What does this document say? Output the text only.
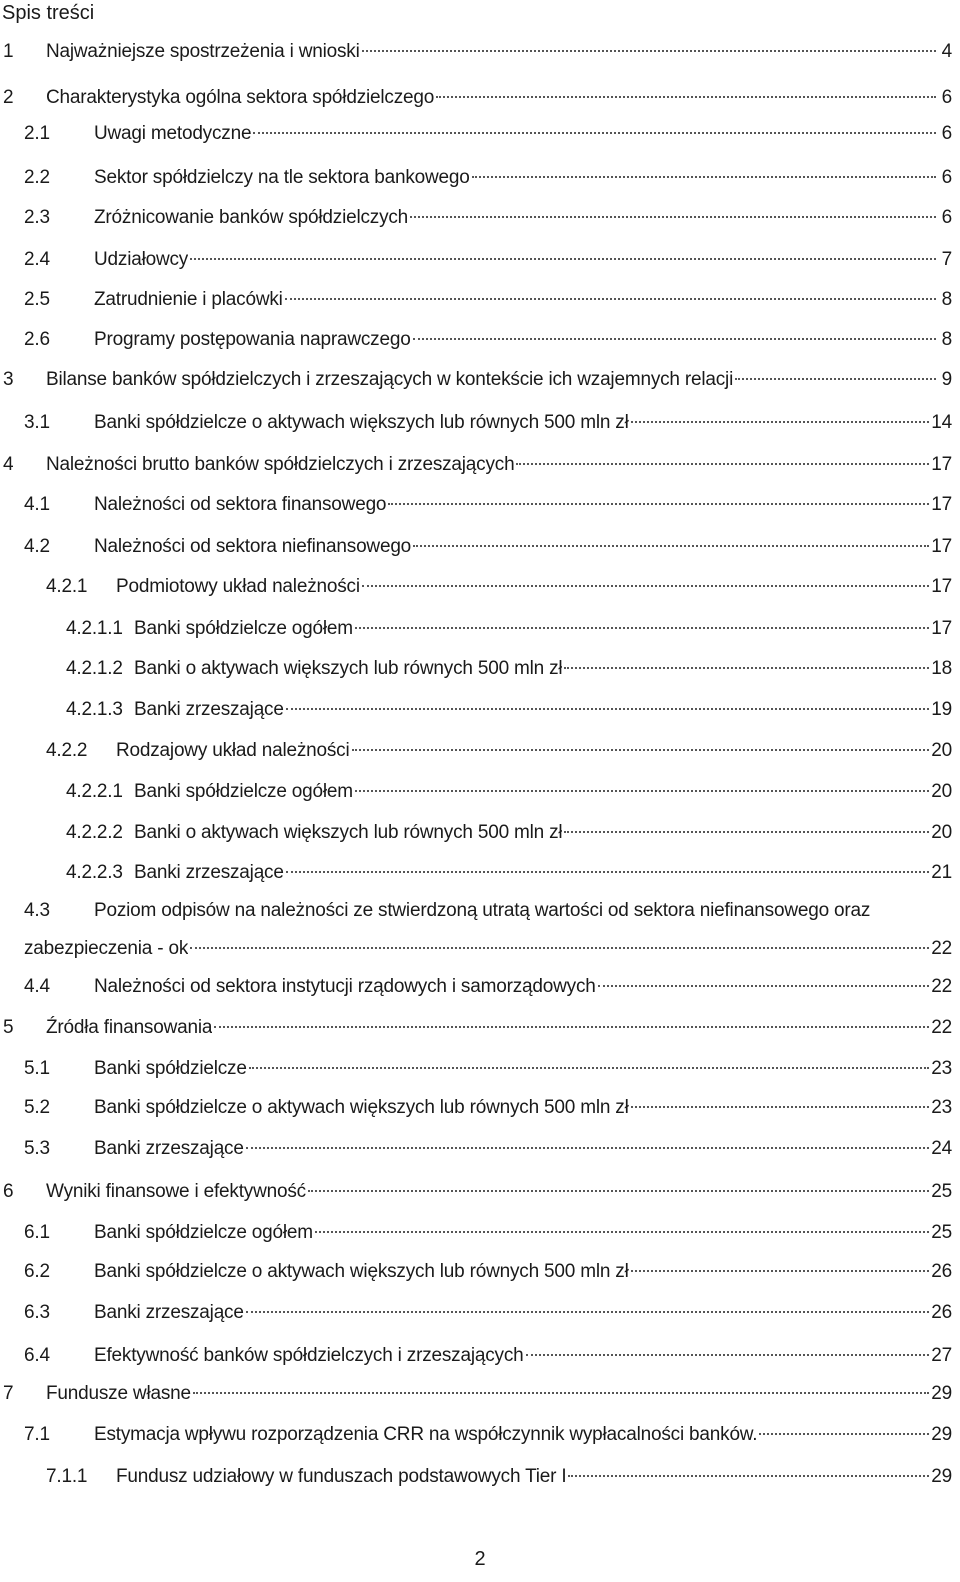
Spis treści
1	Najważniejsze spostrzeżenia i wnioski	4
2	Charakterystyka ogólna sektora spółdzielczego	6
2.1	Uwagi metodyczne	6
2.2	Sektor spółdzielczy na tle sektora bankowego	6
2.3	Zróżnicowanie banków spółdzielczych	6
2.4	Udziałowcy	7
2.5	Zatrudnienie i placówki	8
2.6	Programy postępowania naprawczego	8
3	Bilanse banków spółdzielczych i zrzeszających w kontekście ich wzajemnych relacji	9
3.1	Banki spółdzielcze o aktywach większych lub równych 500 mln zł	14
4	Należności brutto banków spółdzielczych i zrzeszających	17
4.1	Należności od sektora finansowego	17
4.2	Należności od sektora niefinansowego	17
4.2.1	Podmiotowy układ należności	17
4.2.1.1 Banki spółdzielcze ogółem	17
4.2.1.2 Banki o aktywach większych lub równych 500 mln zł	18
4.2.1.3 Banki zrzeszające	19
4.2.2	Rodzajowy układ należności	20
4.2.2.1 Banki spółdzielcze ogółem	20
4.2.2.2 Banki o aktywach większych lub równych 500 mln zł	20
4.2.2.3 Banki zrzeszające	21
4.3	Poziom odpisów na należności ze stwierdzoną utratą wartości od sektora niefinansowego oraz
zabezpieczenia - ok	22
4.4	Należności od sektora instytucji rządowych i samorządowych	22
5	Źródła finansowania	22
5.1	Banki spółdzielcze	23
5.2	Banki spółdzielcze o aktywach większych lub równych 500 mln zł	23
5.3	Banki zrzeszające	24
6	Wyniki finansowe i efektywność	25
6.1	Banki spółdzielcze ogółem	25
6.2	Banki spółdzielcze o aktywach większych lub równych 500 mln zł	26
6.3	Banki zrzeszające	26
6.4	Efektywność banków spółdzielczych i zrzeszających	27
7	Fundusze własne	29
7.1	Estymacja wpływu rozporządzenia CRR na współczynnik wypłacalności banków.	29
7.1.1	Fundusz udziałowy w funduszach podstawowych Tier I	29
2
